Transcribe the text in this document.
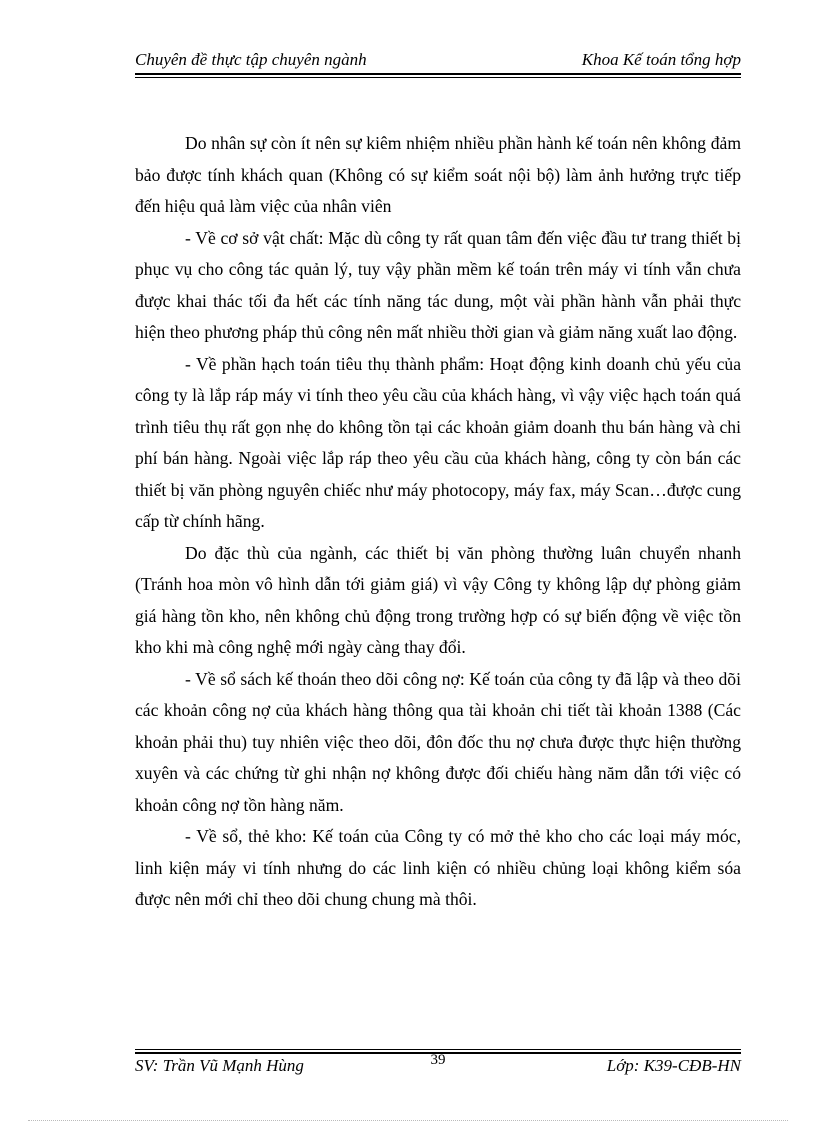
Chuyên đề thực tập chuyên ngành	Khoa Kế toán tổng hợp

Do nhân sự còn ít nên sự kiêm nhiệm nhiều phần hành kế toán nên không đảm bảo được tính khách quan (Không có sự kiểm soát nội bộ) làm ảnh hưởng trực tiếp đến hiệu quả làm việc của nhân viên

- Về cơ sở vật chất: Mặc dù công ty rất quan tâm đến việc đầu tư trang thiết bị phục vụ cho công tác quản lý, tuy vậy phần mềm kế toán trên máy vi tính vẫn chưa được khai thác tối đa hết các tính năng tác dung, một vài phần hành vẫn phải thực hiện theo phương pháp thủ công nên mất nhiều thời gian và giảm năng xuất lao động.

- Về phần hạch toán tiêu thụ thành phẩm: Hoạt động kinh doanh chủ yếu của công ty là lắp ráp máy vi tính theo yêu cầu của khách hàng, vì vậy việc hạch toán quá trình tiêu thụ rất gọn nhẹ do không tồn tại các khoản giảm doanh thu bán hàng và chi phí bán hàng. Ngoài việc lắp ráp theo yêu cầu của khách hàng, công ty còn bán các thiết bị văn phòng nguyên chiếc như máy photocopy, máy fax, máy Scan…được cung cấp từ chính hãng.

Do đặc thù của ngành, các thiết bị văn phòng thường luân chuyển nhanh (Tránh hoa mòn vô hình dẫn tới giảm giá) vì vậy Công ty không lập dự phòng giảm giá hàng tồn kho, nên không chủ động trong trường hợp có sự biến động về việc tồn kho khi mà công nghệ mới ngày càng thay đổi.

- Về sổ sách kế thoán theo dõi công nợ: Kế toán của công ty đã lập và theo dõi các khoản công nợ của khách hàng thông qua tài khoản chi tiết tài khoản 1388 (Các khoản phải thu) tuy nhiên việc theo dõi, đôn đốc thu nợ chưa được thực hiện thường xuyên và các chứng từ ghi nhận nợ không được đối chiếu hàng năm dẫn tới việc có khoản công nợ tồn hàng năm.

- Về sổ, thẻ kho: Kế toán của Công ty có mở thẻ kho cho các loại máy móc, linh kiện máy vi tính nhưng do các linh kiện có nhiều chủng loại không kiểm sóa được nên mới chỉ theo dõi chung chung mà thôi.

SV: Trần Vũ Mạnh Hùng	39	Lớp: K39-CĐB-HN
